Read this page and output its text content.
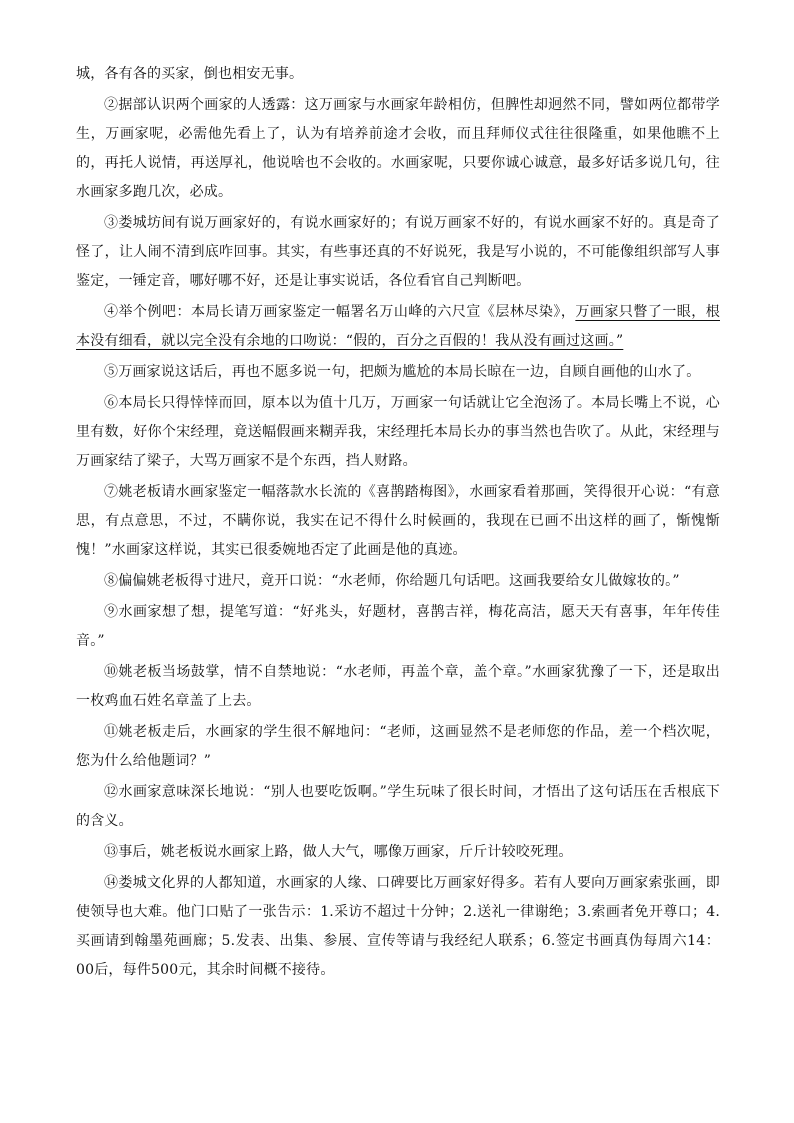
城，各有各的买家，倒也相安无事。

②据部认识两个画家的人透露：这万画家与水画家年龄相仿，但脾性却迥然不同，譬如两位都带学生，万画家呢，必需他先看上了，认为有培养前途才会收，而且拜师仪式往往很隆重，如果他瞧不上的，再托人说情，再送厚礼，他说啥也不会收的。水画家呢，只要你诚心诚意，最多好话多说几句，往水画家多跑几次，必成。

③娄城坊间有说万画家好的，有说水画家好的；有说万画家不好的，有说水画家不好的。真是奇了怪了，让人闹不清到底咋回事。其实，有些事还真的不好说死，我是写小说的，不可能像组织部写人事鉴定，一锤定音，哪好哪不好，还是让事实说话，各位看官自己判断吧。

④举个例吧：本局长请万画家鉴定一幅署名万山峰的六尺宣《层林尽染》，万画家只瞥了一眼，根本没有细看，就以完全没有余地的口吻说：“假的，百分之百假的！我从没有画过这画。”

⑤万画家说这话后，再也不愿多说一句，把颇为尴尬的本局长晾在一边，自顾自画他的山水了。

⑥本局长只得悻悻而回，原本以为值十几万，万画家一句话就让它全泡汤了。本局长嘴上不说，心里有数，好你个宋经理，竟送幅假画来糊弄我，宋经理托本局长办的事当然也告吹了。从此，宋经理与万画家结了梁子，大骂万画家不是个东西，挡人财路。

⑦姚老板请水画家鉴定一幅落款水长流的《喜鹊踏梅图》，水画家看着那画，笑得很开心说：“有意思，有点意思，不过，不瞒你说，我实在记不得什么时候画的，我现在已画不出这样的画了，惭愧惭愧！”水画家这样说，其实已很委婉地否定了此画是他的真迹。

⑧偏偏姚老板得寸进尺，竟开口说：“水老师，你给题几句话吧。这画我要给女儿做嫁妆的。”

⑨水画家想了想，提笔写道：“好兆头，好题材，喜鹊吉祥，梅花高洁，愿天天有喜事，年年传佳音。”

⑩姚老板当场鼓掌，情不自禁地说：“水老师，再盖个章，盖个章。”水画家犹豫了一下，还是取出一枚鸡血石姓名章盖了上去。

⑪姚老板走后，水画家的学生很不解地问：“老师，这画显然不是老师您的作品，差一个档次呢，您为什么给他题词？”

⑫水画家意味深长地说：“别人也要吃饭啊。”学生玩味了很长时间，才悟出了这句话压在舌根底下的含义。

⑬事后，姚老板说水画家上路，做人大气，哪像万画家，斤斤计较咬死理。

⑭娄城文化界的人都知道，水画家的人缘、口碑要比万画家好得多。若有人要向万画家索张画，即使领导也大难。他门口贴了一张告示：1.采访不超过十分钟；2.送礼一律谢绝；3.索画者免开尊口；4.买画请到翰墨苑画廊；5.发表、出集、参展、宣传等请与我经纪人联系；6.签定书画真伪每周六14：00后，每件500元，其余时间概不接待。
